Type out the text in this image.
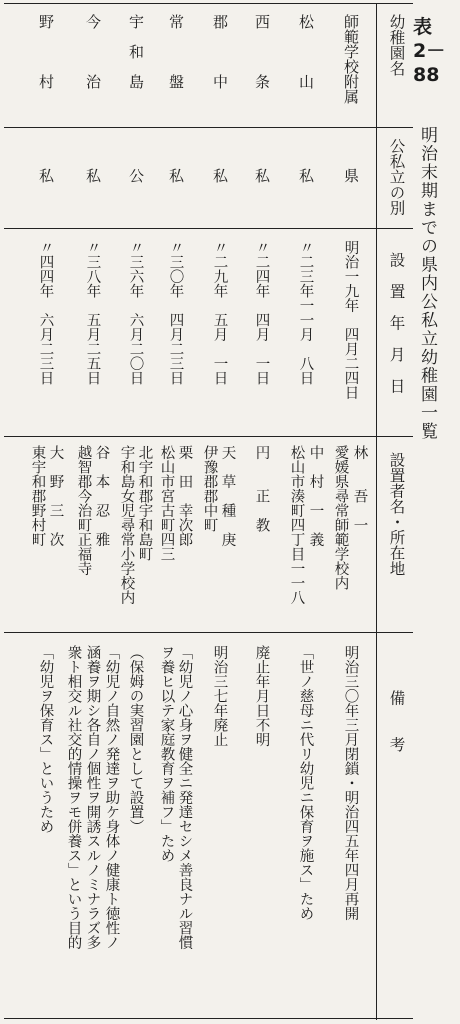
表
2－88
明治末期までの県内公私立幼稚園一覧
幼稚園名
公私立の別
設置年月日
設置者名・所在地
備　　考
師範学校附属
県
明治一九年　四月二四日
林　　吾　一
愛媛県尋常師範学校内
明治三〇年三月閉鎖・明治四五年四月再開
松　　　山
私
〃二三年一一月　八日
中　村　一　義
松山市湊町四丁目一一八
「世ノ慈母ニ代リ幼児ニ保育ヲ施ス」ため
西　　　条
私
〃二四年　四月　一日
円　　正　教
廃止年月日不明
郡　　　中
私
〃二九年　五月　一日
天　草　種　庚
伊豫郡郡中町
明治三七年廃止
常　　　盤
私
〃三〇年　四月二三日
栗　田　幸次郎
松山市宮古町四三
「幼児ノ心身ヲ健全ニ発達セシメ善良ナル習慣
ヲ養ヒ以テ家庭教育ヲ補フ」ため
宇　和　島
公
〃三六年　六月二〇日
北宇和郡宇和島町
宇和島女児尋常小学校内
（保姆の実習園として設置）
今　　　治
私
〃三八年　五月二五日
谷　本　忍　雅
越智郡今治町正福寺
「幼児ノ自然ノ発達ヲ助ケ身体ノ健康ト徳性ノ
涵養ヲ期シ各自ノ個性ヲ開誘スルノミナラズ多
衆ト相交ル社交的情操ヲモ併養ス」という目的
野　　　村
私
〃四四年　六月二三日
大　野　三　次
東宇和郡野村町
「幼児ヲ保育ス」というため
